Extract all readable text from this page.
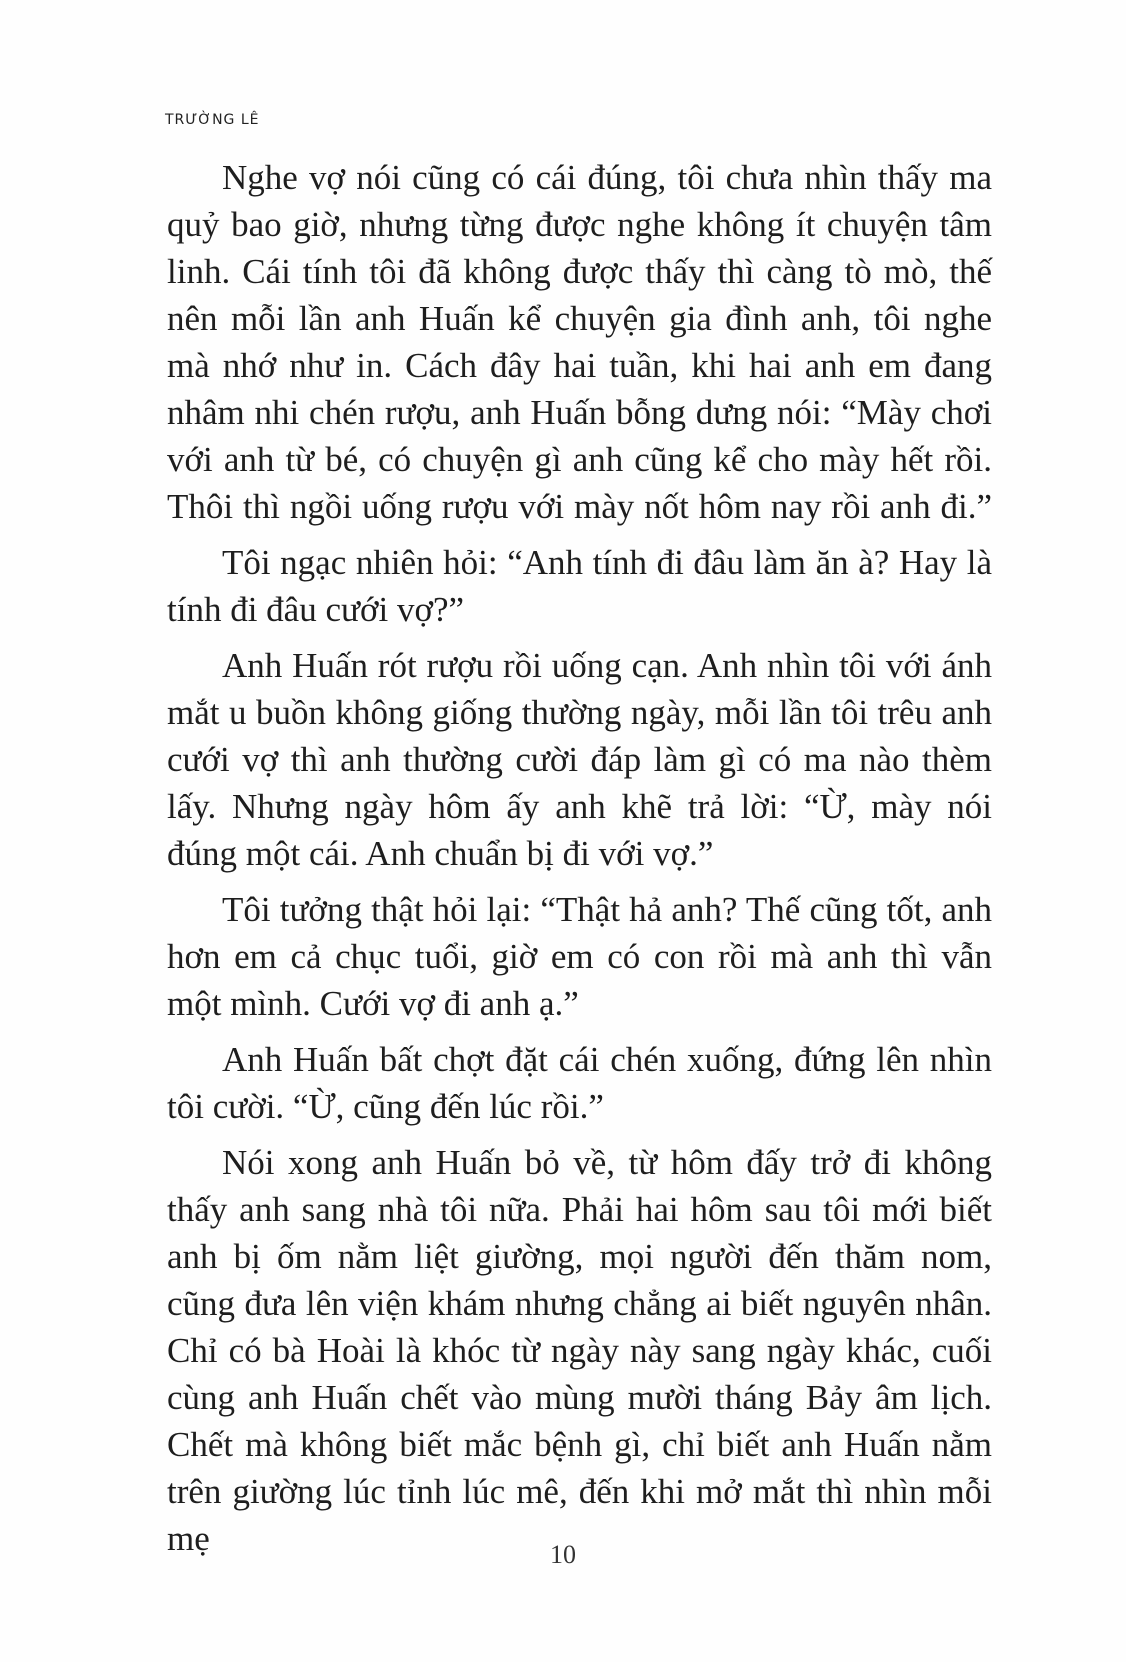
TRƯỜNG LÊ

Nghe vợ nói cũng có cái đúng, tôi chưa nhìn thấy ma quỷ bao giờ, nhưng từng được nghe không ít chuyện tâm linh. Cái tính tôi đã không được thấy thì càng tò mò, thế nên mỗi lần anh Huấn kể chuyện gia đình anh, tôi nghe mà nhớ như in. Cách đây hai tuần, khi hai anh em đang nhâm nhi chén rượu, anh Huấn bỗng dưng nói: “Mày chơi với anh từ bé, có chuyện gì anh cũng kể cho mày hết rồi. Thôi thì ngồi uống rượu với mày nốt hôm nay rồi anh đi.”

Tôi ngạc nhiên hỏi: “Anh tính đi đâu làm ăn à? Hay là tính đi đâu cưới vợ?”

Anh Huấn rót rượu rồi uống cạn. Anh nhìn tôi với ánh mắt u buồn không giống thường ngày, mỗi lần tôi trêu anh cưới vợ thì anh thường cười đáp làm gì có ma nào thèm lấy. Nhưng ngày hôm ấy anh khẽ trả lời: “Ừ, mày nói đúng một cái. Anh chuẩn bị đi với vợ.”

Tôi tưởng thật hỏi lại: “Thật hả anh? Thế cũng tốt, anh hơn em cả chục tuổi, giờ em có con rồi mà anh thì vẫn một mình. Cưới vợ đi anh ạ.”

Anh Huấn bất chợt đặt cái chén xuống, đứng lên nhìn tôi cười. “Ừ, cũng đến lúc rồi.”

Nói xong anh Huấn bỏ về, từ hôm đấy trở đi không thấy anh sang nhà tôi nữa. Phải hai hôm sau tôi mới biết anh bị ốm nằm liệt giường, mọi người đến thăm nom, cũng đưa lên viện khám nhưng chẳng ai biết nguyên nhân. Chỉ có bà Hoài là khóc từ ngày này sang ngày khác, cuối cùng anh Huấn chết vào mùng mười tháng Bảy âm lịch. Chết mà không biết mắc bệnh gì, chỉ biết anh Huấn nằm trên giường lúc tỉnh lúc mê, đến khi mở mắt thì nhìn mỗi mẹ	10
